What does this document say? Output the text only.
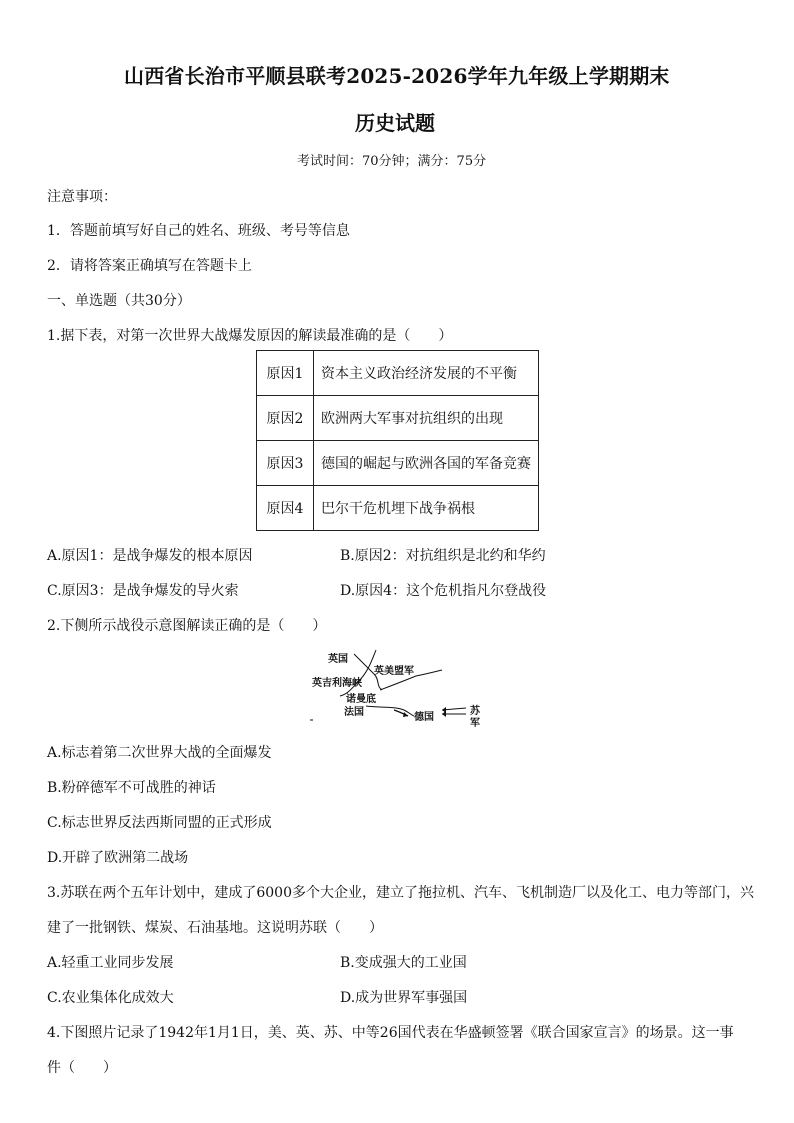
山西省长治市平顺县联考2025-2026学年九年级上学期期末
历史试题
考试时间：70分钟；满分：75分
注意事项：
1．答题前填写好自己的姓名、班级、考号等信息
2．请将答案正确填写在答题卡上
一、单选题（共30分）
1.据下表，对第一次世界大战爆发原因的解读最准确的是（　　）
原因1	资本主义政治经济发展的不平衡
原因2	欧洲两大军事对抗组织的出现
原因3	德国的崛起与欧洲各国的军备竞赛
原因4	巴尔干危机埋下战争祸根
A.原因1：是战争爆发的根本原因	B.原因2：对抗组织是北约和华约
C.原因3：是战争爆发的导火索	D.原因4：这个危机指凡尔登战役
2.下侧所示战役示意图解读正确的是（　　）
英国
英美盟军
英吉利海峡
诺曼底
法国	德国
苏
军
A.标志着第二次世界大战的全面爆发
B.粉碎德军不可战胜的神话
C.标志世界反法西斯同盟的正式形成
D.开辟了欧洲第二战场
3.苏联在两个五年计划中，建成了6000多个大企业，建立了拖拉机、汽车、飞机制造厂以及化工、电力等部门，兴
建了一批钢铁、煤炭、石油基地。这说明苏联（　　）
A.轻重工业同步发展	B.变成强大的工业国
C.农业集体化成效大	D.成为世界军事强国
4.下图照片记录了1942年1月1日，美、英、苏、中等26国代表在华盛顿签署《联合国家宣言》的场景。这一事
件（　　）
